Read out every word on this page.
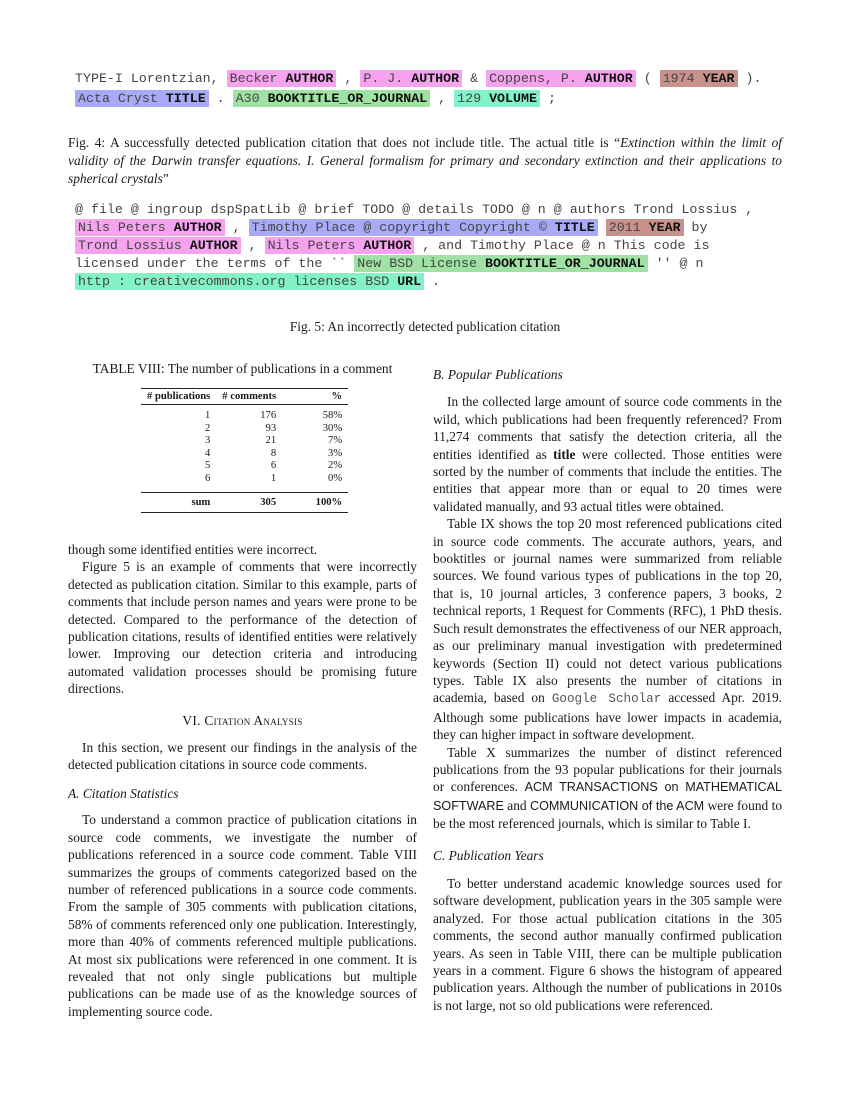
TYPE-I Lorentzian, Becker AUTHOR , P. J. AUTHOR & Coppens, P. AUTHOR ( 1974 YEAR ).
Acta Cryst TITLE . A30 BOOKTITLE_OR_JOURNAL , 129 VOLUME ;
Fig. 4: A successfully detected publication citation that does not include title. The actual title is “Extinction within the limit of validity of the Darwin transfer equations. I. General formalism for primary and secondary extinction and their applications to spherical crystals”
@ file @ ingroup dspSpatLib @ brief TODO @ details TODO @ n @ authors Trond Lossius ,
Nils Peters AUTHOR , Timothy Place @ copyright Copyright © TITLE 2011 YEAR by
Trond Lossius AUTHOR , Nils Peters AUTHOR , and Timothy Place @ n This code is
licensed under the terms of the `` New BSD License BOOKTITLE_OR_JOURNAL '' @ n
http : creativecommons.org licenses BSD URL .
Fig. 5: An incorrectly detected publication citation
TABLE VIII: The number of publications in a comment
# publications	# comments	%
1	176	58%
2	93	30%
3	21	7%
4	8	3%
5	6	2%
6	1	0%
sum	305	100%

though some identified entities were incorrect.

Figure 5 is an example of comments that were incorrectly detected as publication citation. Similar to this example, parts of comments that include person names and years were prone to be detected. Compared to the performance of the detection of publication citations, results of identified entities were relatively lower. Improving our detection criteria and introducing automated validation processes should be promising future directions.

VI. Citation Analysis

In this section, we present our findings in the analysis of the detected publication citations in source code comments.

A. Citation Statistics

To understand a common practice of publication citations in source code comments, we investigate the number of publications referenced in a source code comment. Table VIII summarizes the groups of comments categorized based on the number of referenced publications in a source code comments. From the sample of 305 comments with publication citations, 58% of comments referenced only one publication. Interestingly, more than 40% of comments referenced multiple publications. At most six publications were referenced in one comment. It is revealed that not only single publications but multiple publications can be made use of as the knowledge sources of implementing source code.

B. Popular Publications

In the collected large amount of source code comments in the wild, which publications had been frequently referenced? From 11,274 comments that satisfy the detection criteria, all the entities identified as title were collected. Those entities were sorted by the number of comments that include the entities. The entities that appear more than or equal to 20 times were validated manually, and 93 actual titles were obtained.

Table IX shows the top 20 most referenced publications cited in source code comments. The accurate authors, years, and booktitles or journal names were summarized from reliable sources. We found various types of publications in the top 20, that is, 10 journal articles, 3 conference papers, 3 books, 2 technical reports, 1 Request for Comments (RFC), 1 PhD thesis. Such result demonstrates the effectiveness of our NER approach, as our preliminary manual investigation with predetermined keywords (Section II) could not detect various publications types. Table IX also presents the number of citations in academia, based on Google Scholar accessed Apr. 2019. Although some publications have lower impacts in academia, they can higher impact in software development.

Table X summarizes the number of distinct referenced publications from the 93 popular publications for their journals or conferences. ACM TRANSACTIONS on MATHEMATICAL SOFTWARE and COMMUNICATION of the ACM were found to be the most referenced journals, which is similar to Table I.

C. Publication Years

To better understand academic knowledge sources used for software development, publication years in the 305 sample were analyzed. For those actual publication citations in the 305 comments, the second author manually confirmed publication years. As seen in Table VIII, there can be multiple publication years in a comment. Figure 6 shows the histogram of appeared publication years. Although the number of publications in 2010s is not large, not so old publications were referenced.
